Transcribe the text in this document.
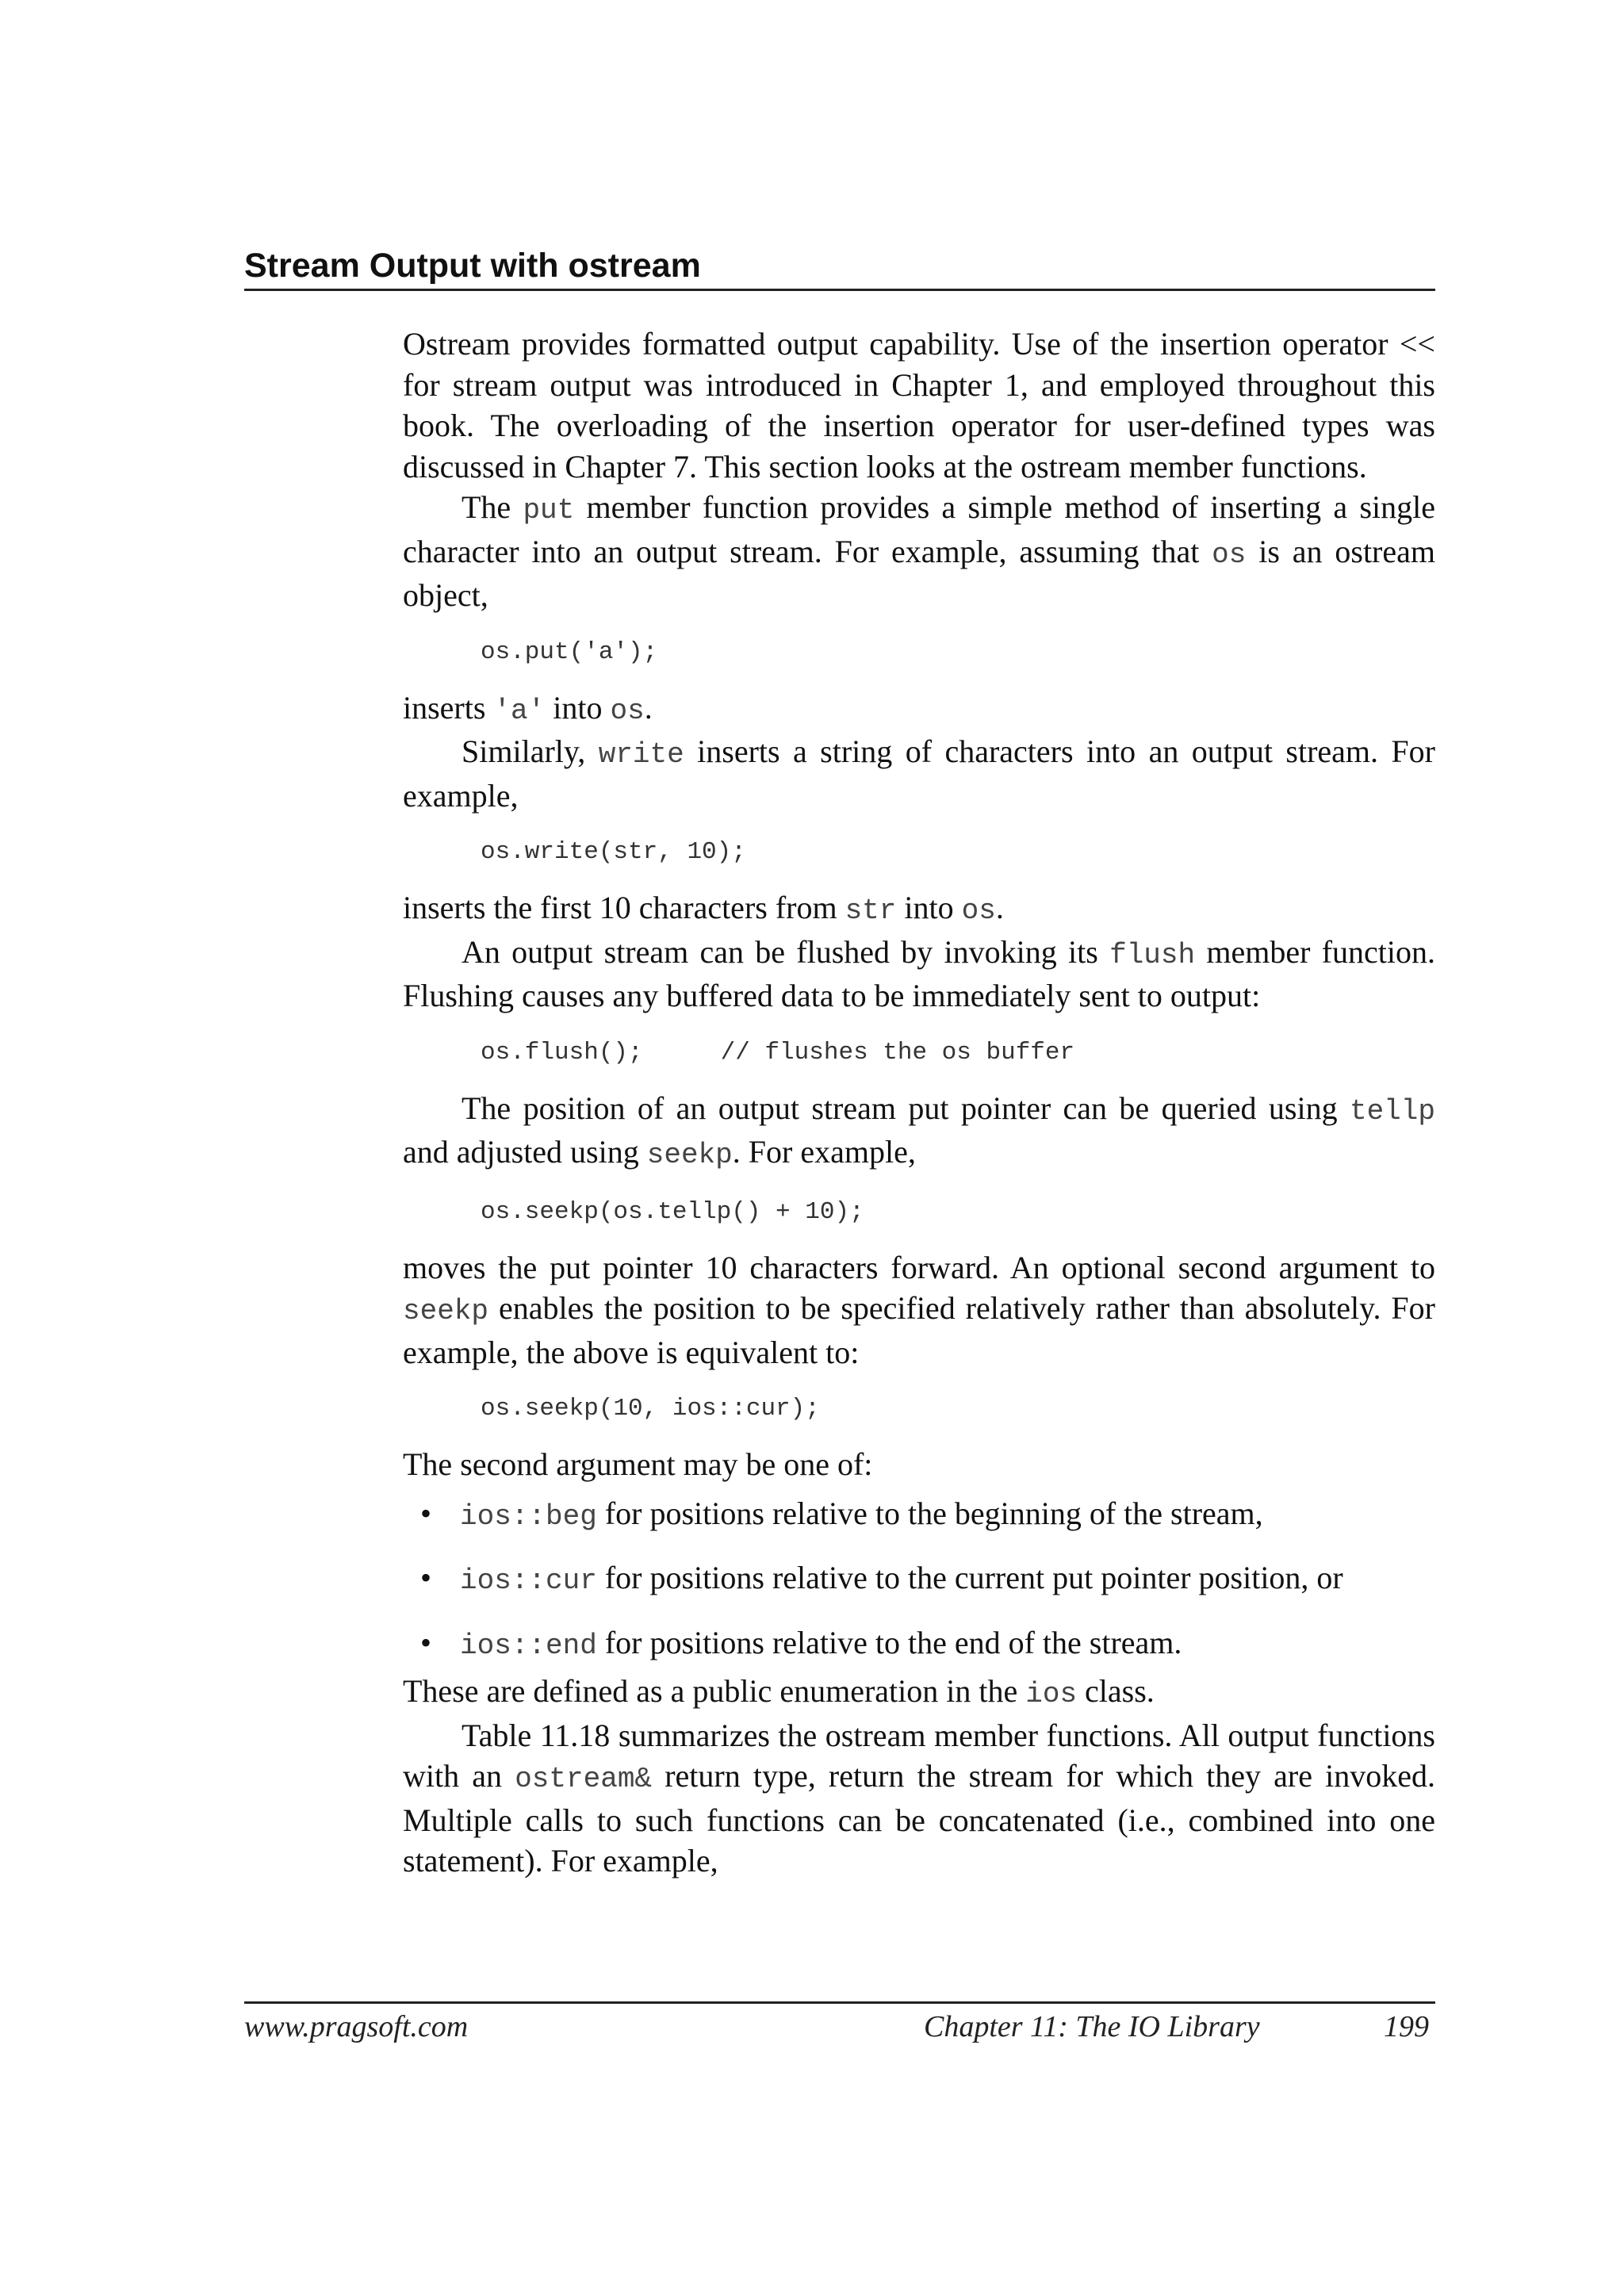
Stream Output with ostream

Ostream provides formatted output capability. Use of the insertion operator << for stream output was introduced in Chapter 1, and employed throughout this book. The overloading of the insertion operator for user-defined types was discussed in Chapter 7. This section looks at the ostream member functions.

The put member function provides a simple method of inserting a single character into an output stream. For example, assuming that os is an ostream object,

os.put('a');

inserts 'a' into os.

Similarly, write inserts a string of characters into an output stream. For example,

os.write(str, 10);

inserts the first 10 characters from str into os.

An output stream can be flushed by invoking its flush member function. Flushing causes any buffered data to be immediately sent to output:

os.flush();	// flushes the os buffer

The position of an output stream put pointer can be queried using tellp and adjusted using seekp. For example,

os.seekp(os.tellp() + 10);

moves the put pointer 10 characters forward. An optional second argument to seekp enables the position to be specified relatively rather than absolutely. For example, the above is equivalent to:

os.seekp(10, ios::cur);

The second argument may be one of:

• ios::beg for positions relative to the beginning of the stream,
• ios::cur for positions relative to the current put pointer position, or
• ios::end for positions relative to the end of the stream.

These are defined as a public enumeration in the ios class.

Table 11.18 summarizes the ostream member functions. All output functions with an ostream& return type, return the stream for which they are invoked. Multiple calls to such functions can be concatenated (i.e., combined into one statement). For example,

www.pragsoft.com	Chapter 11: The IO Library	199
